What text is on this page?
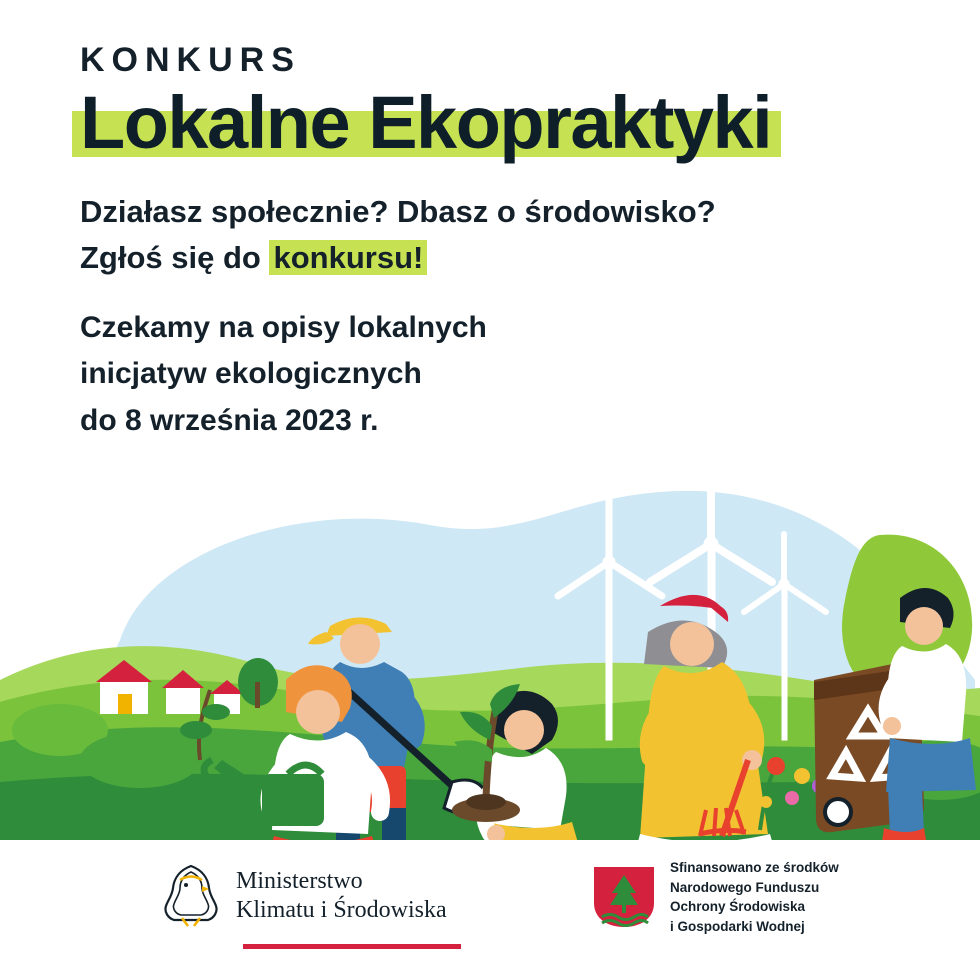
KONKURS

Lokalne Ekopraktyki

Działasz społecznie? Dbasz o środowisko?
Zgłoś się do konkursu!

Czekamy na opisy lokalnych
inicjatyw ekologicznych
do 8 września 2023 r.

Ministerstwo
Klimatu i Środowiska
Sfinansowano ze środków
Narodowego Funduszu
Ochrony Środowiska
i Gospodarki Wodnej
